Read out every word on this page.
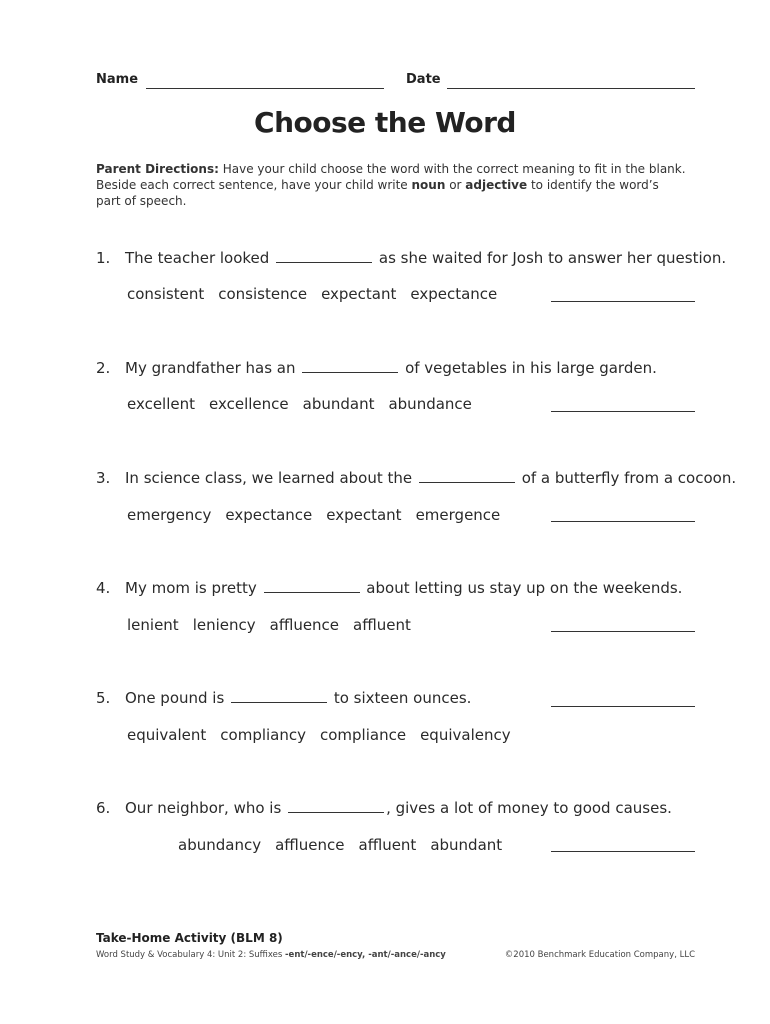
Name	Date
Choose the Word
Parent Directions: Have your child choose the word with the correct meaning to fit in the blank. Beside each correct sentence, have your child write noun or adjective to identify the word’s part of speech.
1. The teacher looked	as she waited for Josh to answer her question.
consistent consistence expectant expectance
2. My grandfather has an	of vegetables in his large garden.
excellent excellence abundant abundance
3. In science class, we learned about the	of a butterfly from a cocoon.
emergency expectance expectant emergence
4. My mom is pretty	about letting us stay up on the weekends.
lenient leniency affluence affluent
5. One pound is	to sixteen ounces.
equivalent compliancy compliance equivalency
6. Our neighbor, who is	, gives a lot of money to good causes.
abundancy affluence affluent abundant
Take-Home Activity (BLM 8)
Word Study & Vocabulary 4: Unit 2: Suffixes -ent/-ence/-ency, -ant/-ance/-ancy	©2010 Benchmark Education Company, LLC
